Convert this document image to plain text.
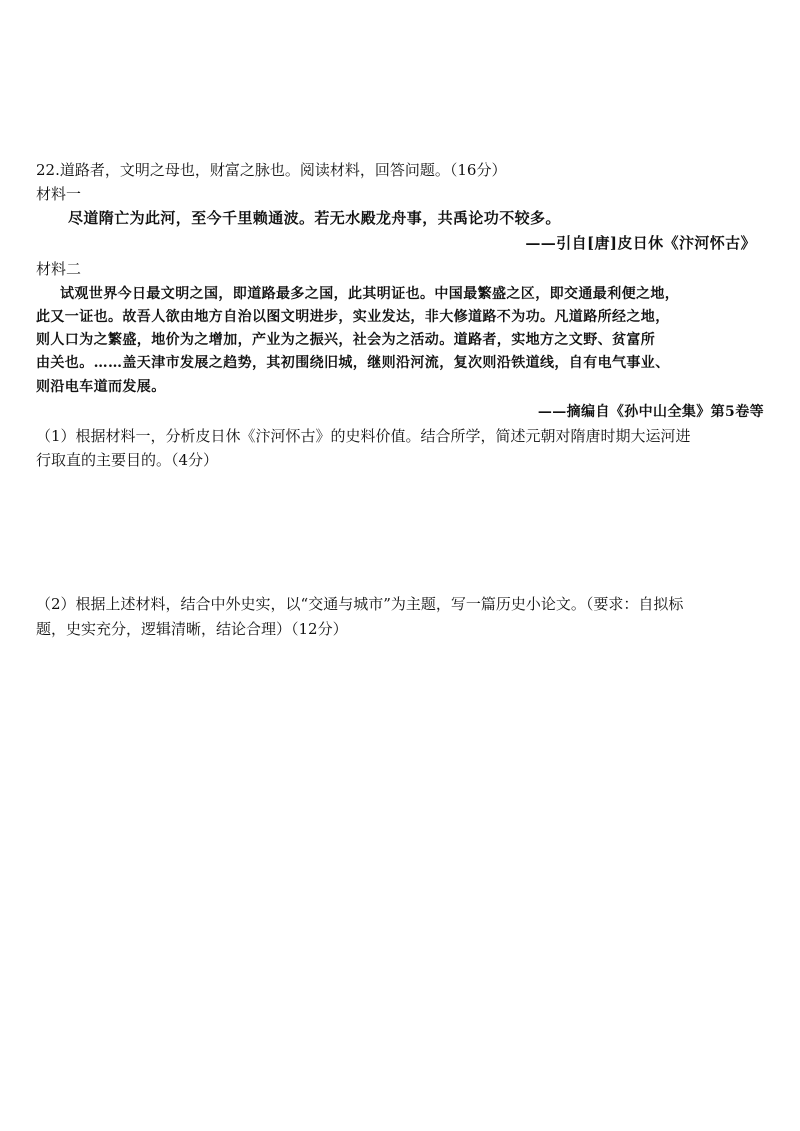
22.道路者，文明之母也，财富之脉也。阅读材料，回答问题。（16分）
材料一
尽道隋亡为此河，至今千里赖通波。若无水殿龙舟事，共禹论功不较多。
——引自[唐]皮日休《汴河怀古》
材料二
试观世界今日最文明之国，即道路最多之国，此其明证也。中国最繁盛之区，即交通最利便之地，
此又一证也。故吾人欲由地方自治以图文明进步，实业发达，非大修道路不为功。凡道路所经之地，
则人口为之繁盛，地价为之增加，产业为之振兴，社会为之活动。道路者，实地方之文野、贫富所
由关也。……盖天津市发展之趋势，其初围绕旧城，继则沿河流，复次则沿铁道线，自有电气事业、
则沿电车道而发展。
——摘编自《孙中山全集》第5卷等
（1）根据材料一，分析皮日休《汴河怀古》的史料价值。结合所学，简述元朝对隋唐时期大运河进
行取直的主要目的。（4分）
（2）根据上述材料，结合中外史实，以“交通与城市”为主题，写一篇历史小论文。（要求：自拟标
题，史实充分，逻辑清晰，结论合理）（12分）
